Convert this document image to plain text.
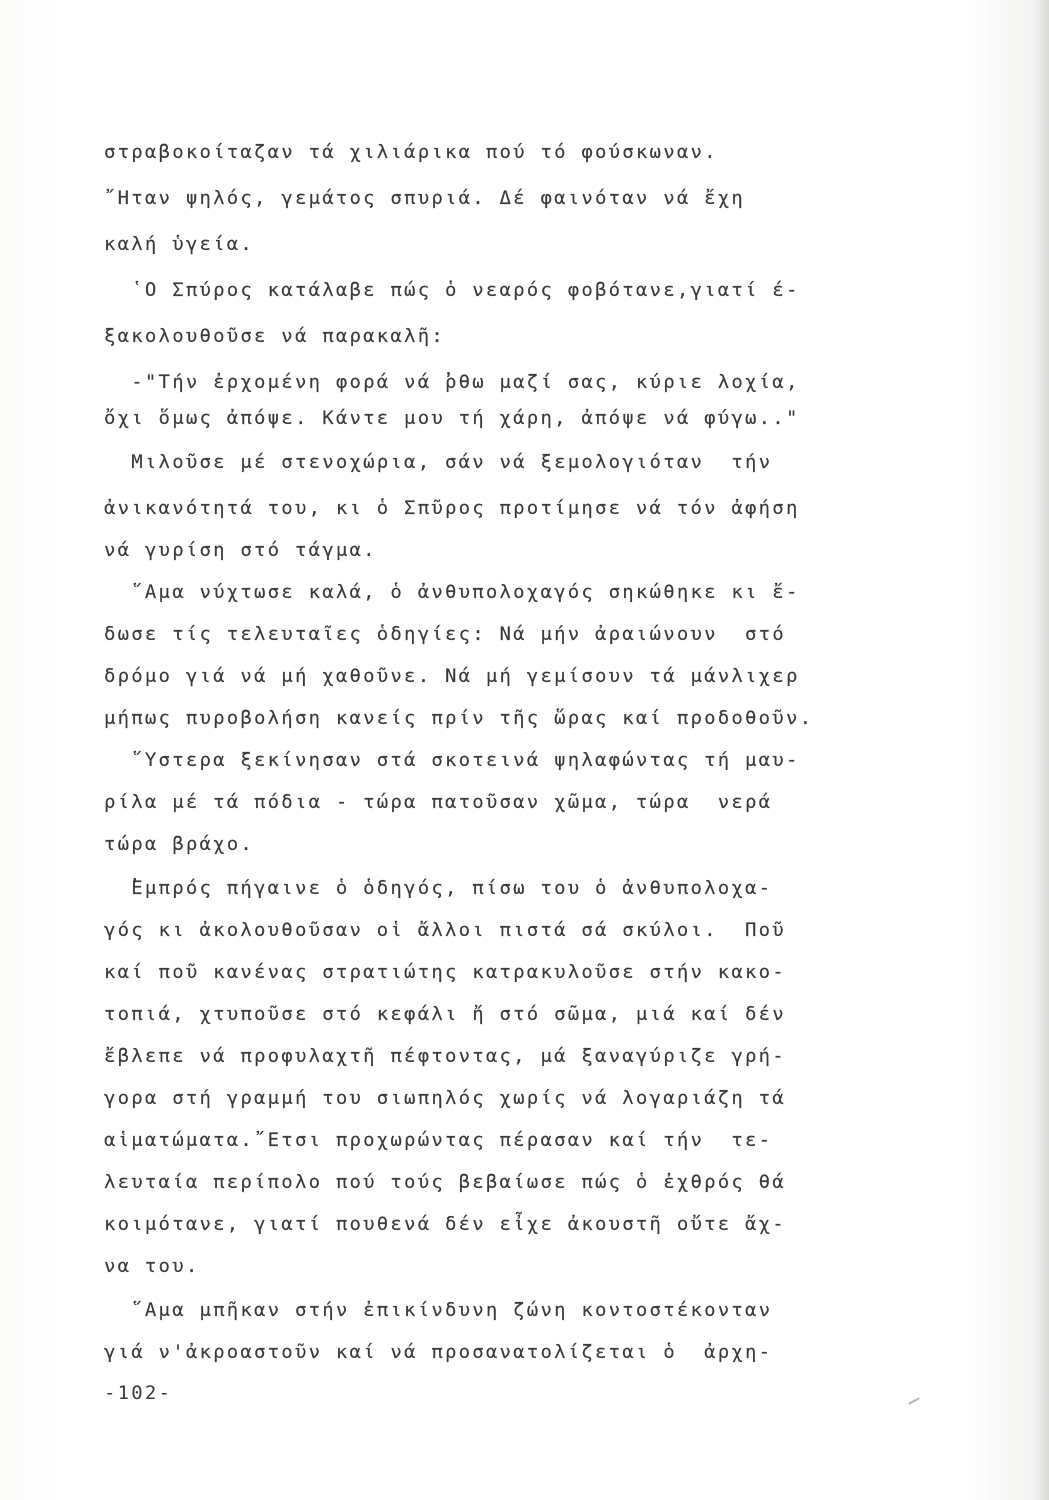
στραβοκοίταζαν τά χιλιάρικα πού τό φούσκωναν.
῎Ηταν ψηλός, γεμάτος σπυριά. Δέ φαινόταν νά ἔχη
καλή ὑγεία.
῾Ο Σπύρος κατάλαβε πώς ὁ νεαρός φοβότανε,γιατί έ-
ξακολουθοῦσε νά παρακαλῆ:
-"Τήν ἐρχομένη φορά νά ̓ρθω μαζί σας, κύριε λοχία,
ὄχι ὅμως ἀπόψε. Κάντε μου τή χάρη, ἀπόψε νά φύγω.."
Μιλοῦσε μέ στενοχώρια, σάν νά ξεμολογιόταν  τήν
ἀνικανότητά του, κι ὁ Σπῦρος προτίμησε νά τόν ἀφήση
νά γυρίση στό τάγμα.
῞Αμα νύχτωσε καλά, ὁ ἀνθυπολοχαγός σηκώθηκε κι ἔ-
δωσε τίς τελευταῖες ὁδηγίες: Νά μήν ἀραιώνουν  στό
δρόμο γιά νά μή χαθοῦνε. Νά μή γεμίσουν τά μάνλιχερ
μήπως πυροβολήση κανείς πρίν τῆς ὥρας καί προδοθοῦν.
῞Υστερα ξεκίνησαν στά σκοτεινά ψηλαφώντας τή μαυ-
ρίλα μέ τά πόδια - τώρα πατοῦσαν χῶμα, τώρα  νερά
τώρα βράχο.
̓Εμπρός πήγαινε ὁ ὁδηγός, πίσω του ὁ ἀνθυπολοχα-
γός κι ἀκολουθοῦσαν οἱ ἄλλοι πιστά σά σκύλοι.  Ποῦ
καί ποῦ κανένας στρατιώτης κατρακυλοῦσε στήν κακο-
τοπιά, χτυποῦσε στό κεφάλι ἤ στό σῶμα, μιά καί δέν
ἔβλεπε νά προφυλαχτῆ πέφτοντας, μά ξαναγύριζε γρή-
γορα στή γραμμή του σιωπηλός χωρίς νά λογαριάζη τά
αἱματώματα.῎Ετσι προχωρώντας πέρασαν καί τήν  τε-
λευταία περίπολο πού τούς βεβαίωσε πώς ὁ ἐχθρός θά
κοιμότανε, γιατί πουθενά δέν εἶχε ἀκουστῆ οὔτε ἄχ-
να του.
῞Αμα μπῆκαν στήν ἐπικίνδυνη ζώνη κοντοστέκονταν
γιά ν'ἀκροαστοῦν καί νά προσανατολίζεται ὁ  ἀρχη-
-102-
